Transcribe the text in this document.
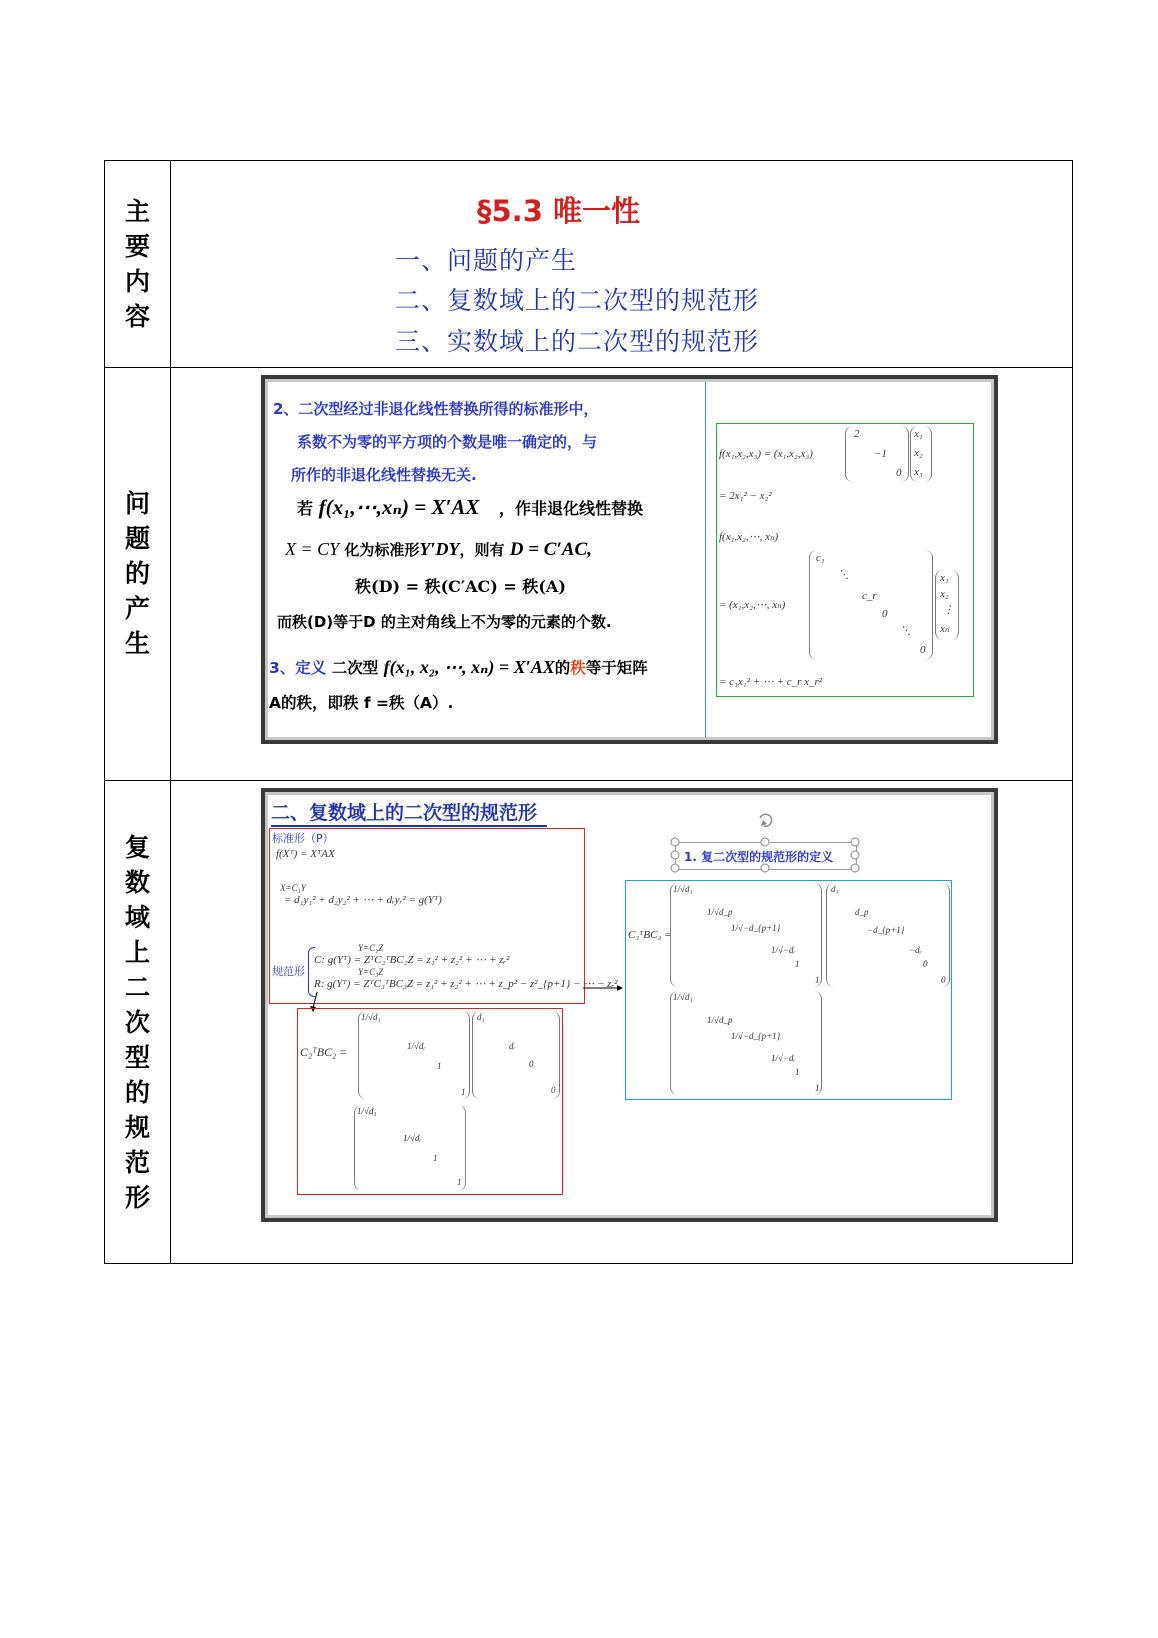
主
要
内
容
问
题
的
产
生
复
数
域
上
二
次
型
的
规
范
形
§5.3 唯一性
一、问题的产生
二、复数域上的二次型的规范形
三、实数域上的二次型的规范形
2、二次型经过非退化线性替换所得的标准形中，
系数不为零的平方项的个数是唯一确定的，与
所作的非退化线性替换无关.
若 f(x₁,⋯,xₙ) = X′AX ，作非退化线性替换
X = CY 化为标准形Y′DY，则有 D = C′AC,
秩(D) = 秩(C′AC) = 秩(A)
而秩(D)等于D 的主对角线上不为零的元素的个数.
3、定义 二次型 f(x₁, x₂, ⋯, xₙ) = X′AX的秩等于矩阵
A的秩，即秩 f =秩（A）.
f(x₁,x₂,x₃) = (x₁,x₂,x₃)
2
−1
0
x₁
x₂
x₃
= 2x₁² − x₂²
f(x₁,x₂,⋯, xₙ)
= (x₁,x₂,⋯, xₙ)
c₁
⋱
c_r
0
⋱
0
x₁
x₂
⋮
xₙ
= c₁x₁² + ⋯ + c_r x_r²
二、复数域上的二次型的规范形
标准形（P）
f(Xᵀ) = XᵀAX
X=C₁Y
= d₁y₁² + d₂y₂² + ⋯ + dᵣyᵣ² = g(Yᵀ)
规范形
Y=C₂Z
C: g(Yᵀ) = ZᵀC₂ᵀBC₂Z = z₁² + z₂² + ⋯ + zᵣ²
Y=C₃Z
R: g(Yᵀ) = ZᵀC₃ᵀBC₃Z = z₁² + z₂² + ⋯ + z_p² − z²_{p+1} − ⋯ − zᵣ²
C₂ᵀBC₂ =
1/√d₁
1/√dᵣ
1
1
d₁
dᵣ
0
0
1/√d₁
1/√dᵣ
1
1
1. 复二次型的规范形的定义
C₃ᵀBC₃ =
1/√d₁
1/√d_p
1/√−d_{p+1}
1/√−dᵣ
1
1
d₁
d_p
−d_{p+1}
−dᵣ
0
0
1/√d₁
1/√d_p
1/√−d_{p+1}
1/√−dᵣ
1
1
